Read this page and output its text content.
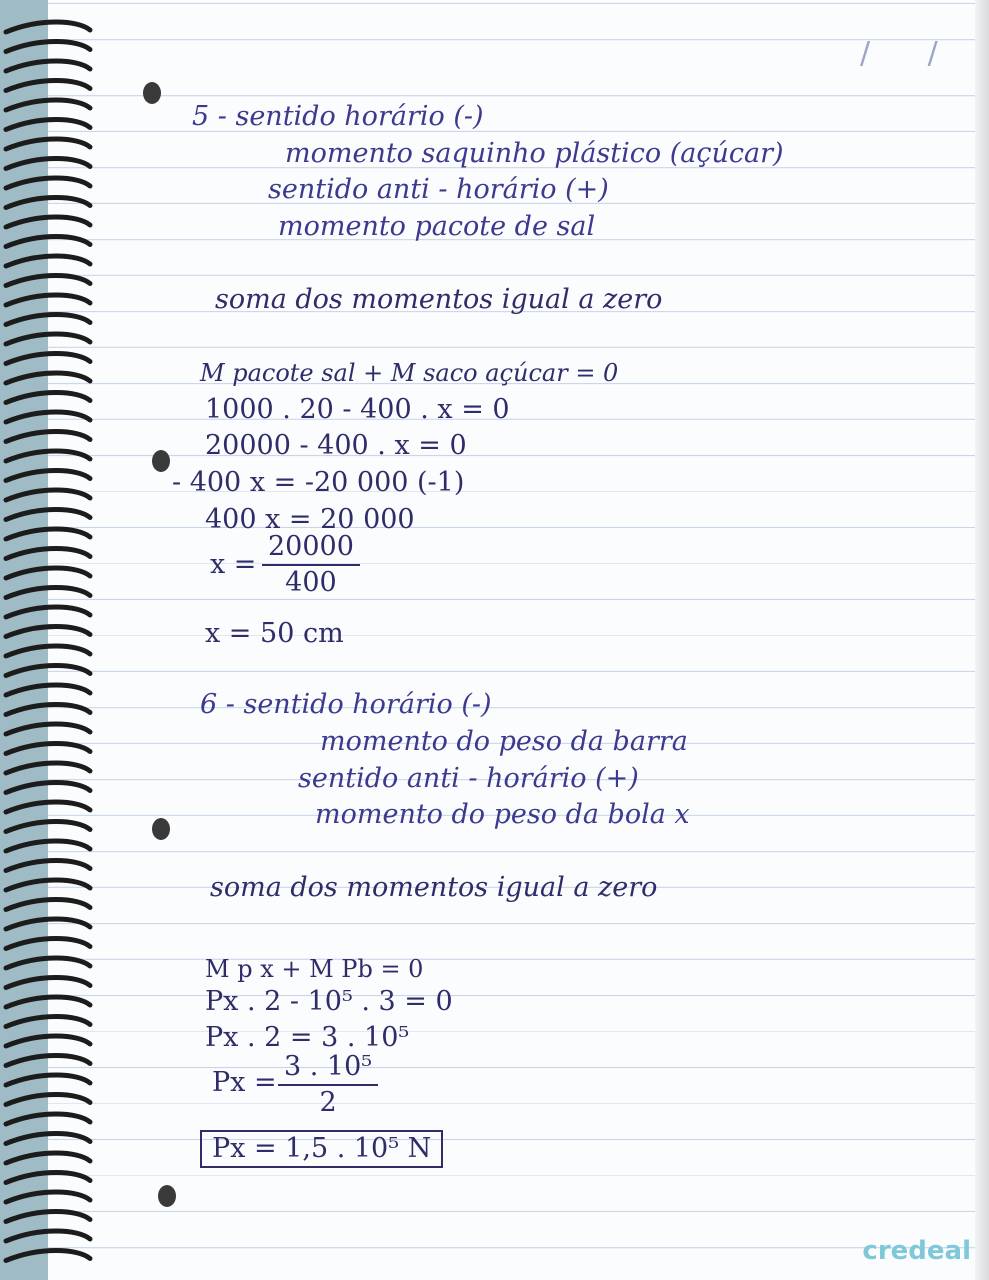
/ /
5 - sentido horário (-)
momento saquinho plástico (açúcar)
sentido anti - horário (+)
momento pacote de sal
soma dos momentos igual a zero
M pacote sal + M saco açúcar = 0
1000 . 20 - 400 . x = 0
20000 - 400 . x = 0
- 400 x = -20 000 (-1)
400 x = 20 000
$x = \frac{20000}{400}$
x = 50 cm
6 - sentido horário (-)
momento do peso da barra
sentido anti - horário (+)
momento do peso da bola x
soma dos momentos igual a zero
M p x + M Pb = 0
Px . 2 - 10⁵ . 3 = 0
Px . 2 = 3 . 10⁵
$Px = \frac{\text{3 . 10⁵}}{2}$
Px = 1,5 . 10⁵ N
credeal
